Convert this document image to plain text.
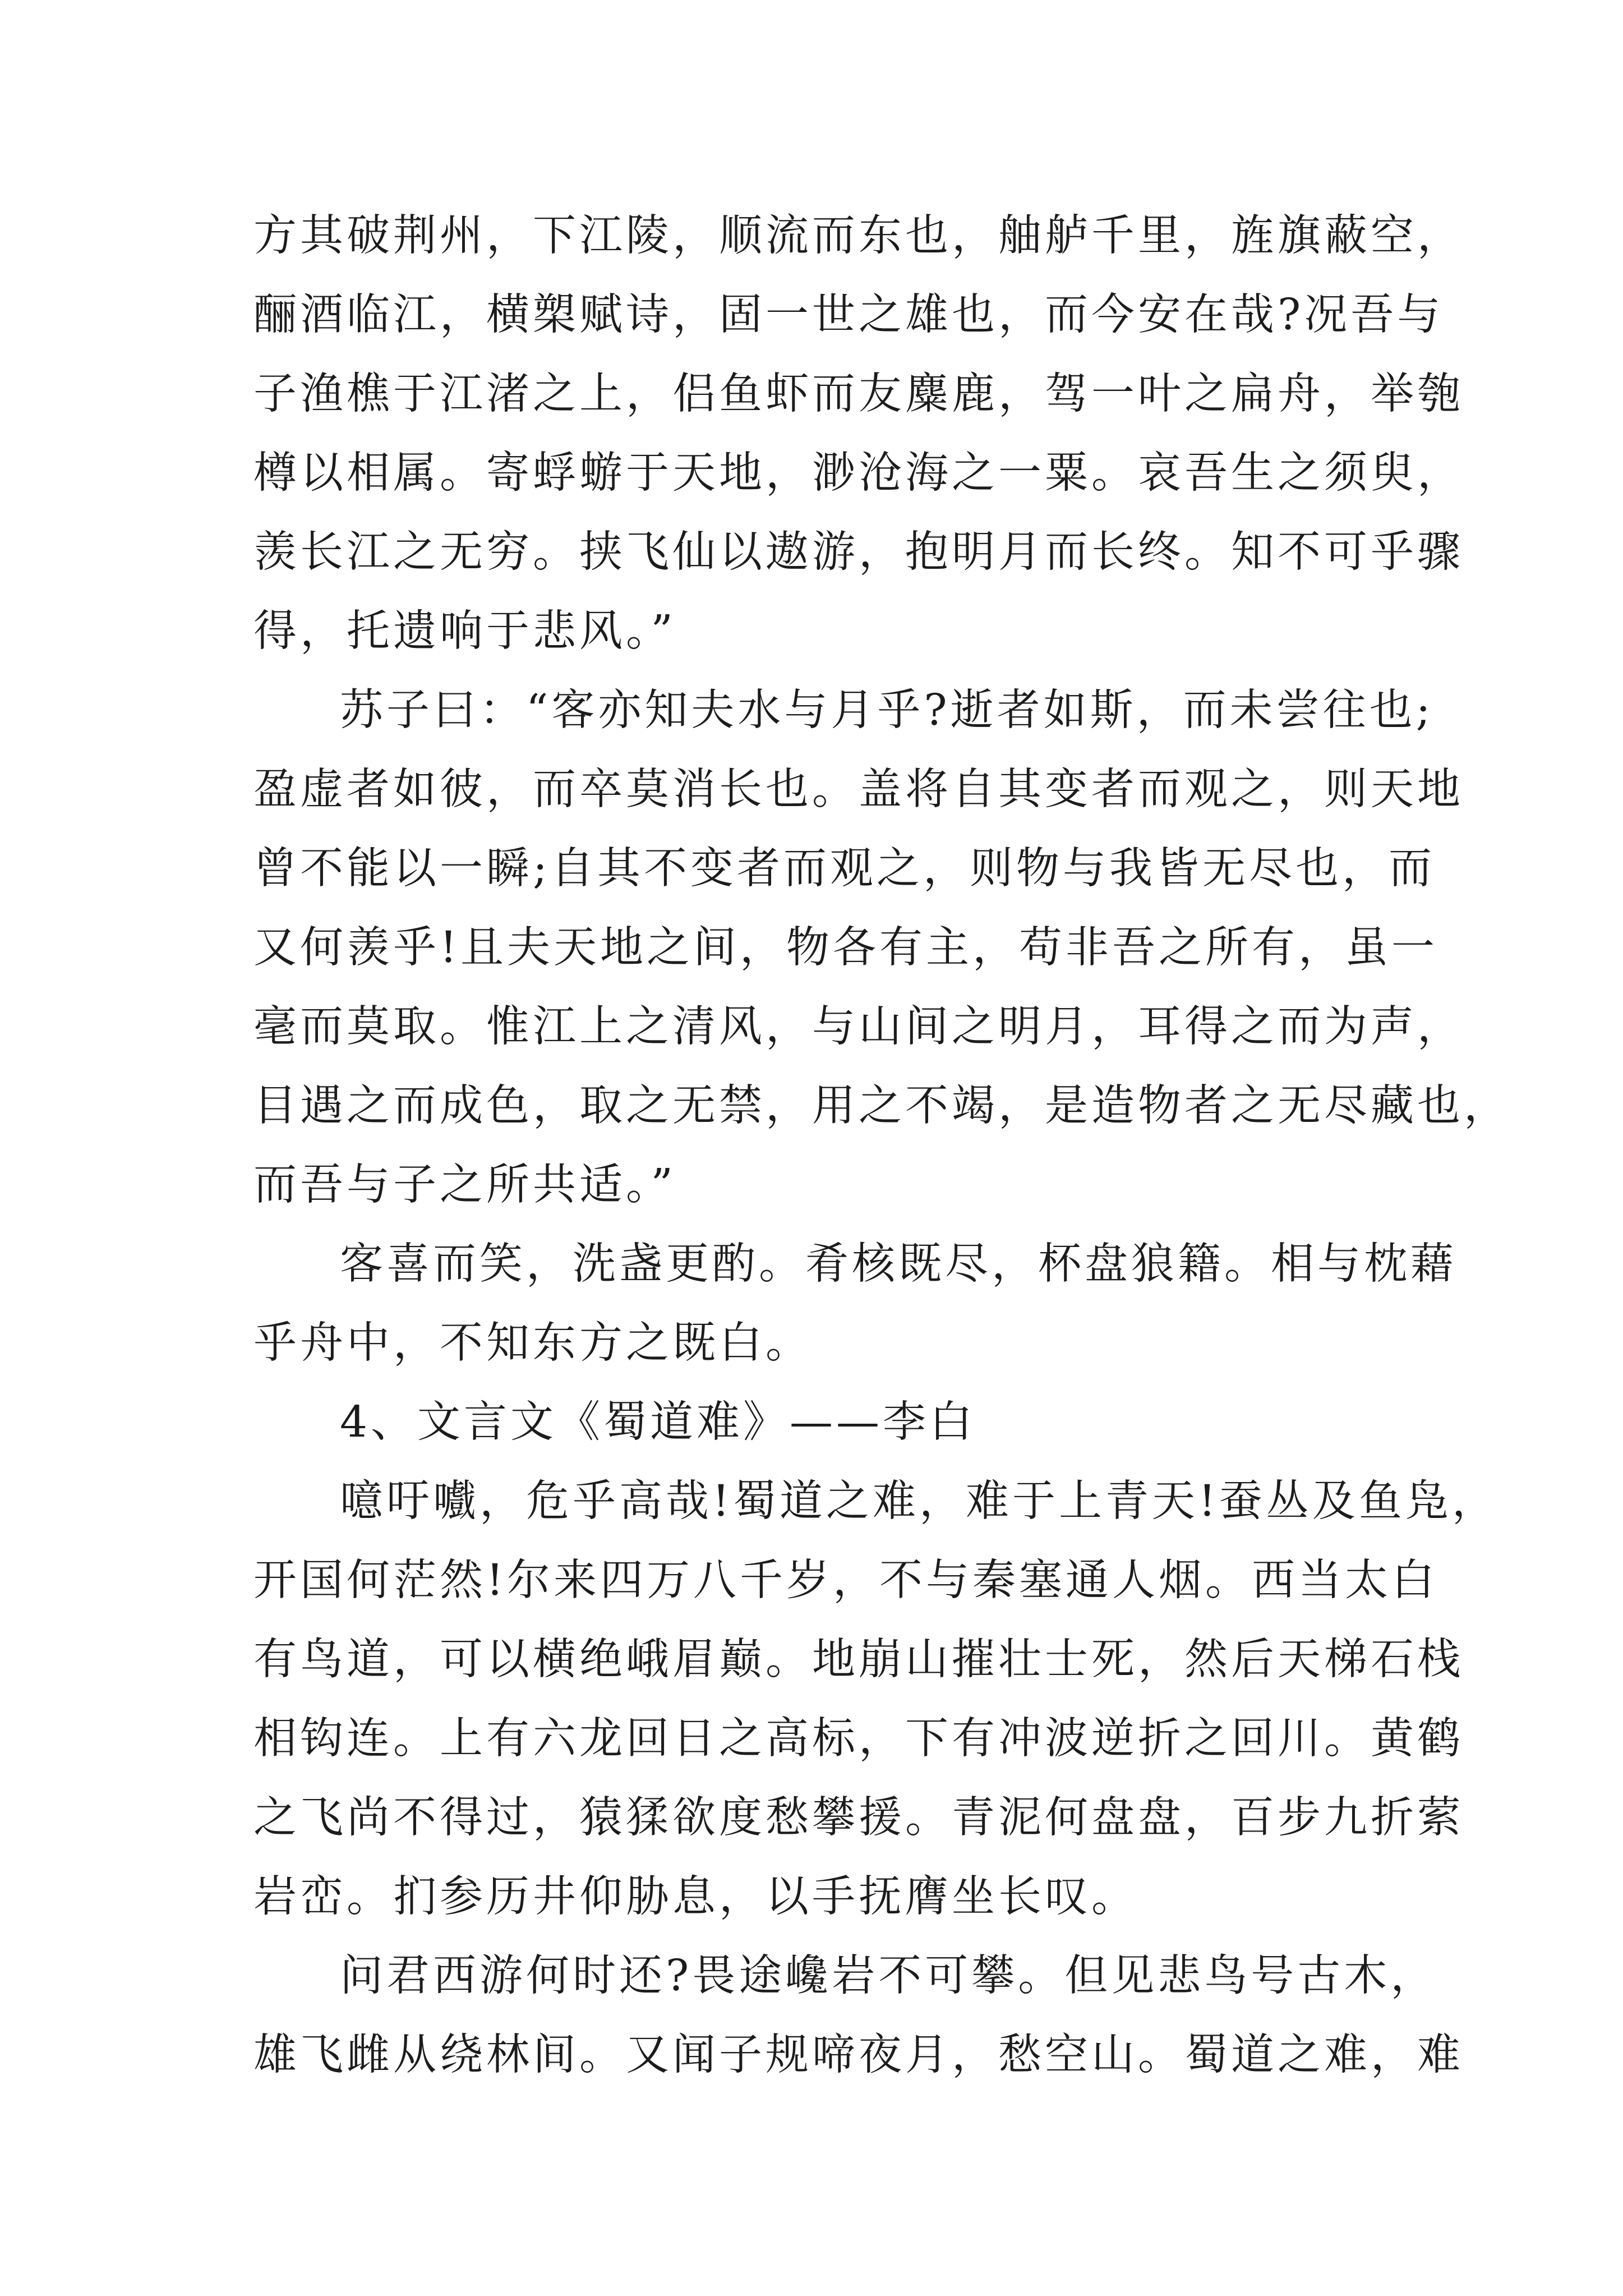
方其破荆州，下江陵，顺流而东也，舳舻千里，旌旗蔽空，
酾酒临江，横槊赋诗，固一世之雄也，而今安在哉?况吾与
子渔樵于江渚之上，侣鱼虾而友麋鹿，驾一叶之扁舟，举匏
樽以相属。寄蜉蝣于天地，渺沧海之一粟。哀吾生之须臾，
羡长江之无穷。挟飞仙以遨游，抱明月而长终。知不可乎骤
得，托遗响于悲风。”
苏子曰：“客亦知夫水与月乎?逝者如斯，而未尝往也;
盈虚者如彼，而卒莫消长也。盖将自其变者而观之，则天地
曾不能以一瞬;自其不变者而观之，则物与我皆无尽也，而
又何羡乎!且夫天地之间，物各有主，苟非吾之所有，虽一
毫而莫取。惟江上之清风，与山间之明月，耳得之而为声，
目遇之而成色，取之无禁，用之不竭，是造物者之无尽藏也，
而吾与子之所共适。”
客喜而笑，洗盏更酌。肴核既尽，杯盘狼籍。相与枕藉
乎舟中，不知东方之既白。
4、文言文《蜀道难》——李白
噫吁嚱，危乎高哉!蜀道之难，难于上青天!蚕丛及鱼凫，
开国何茫然!尔来四万八千岁，不与秦塞通人烟。西当太白
有鸟道，可以横绝峨眉巅。地崩山摧壮士死，然后天梯石栈
相钩连。上有六龙回日之高标，下有冲波逆折之回川。黄鹤
之飞尚不得过，猿猱欲度愁攀援。青泥何盘盘，百步九折萦
岩峦。扪参历井仰胁息，以手抚膺坐长叹。
问君西游何时还?畏途巉岩不可攀。但见悲鸟号古木，
雄飞雌从绕林间。又闻子规啼夜月，愁空山。蜀道之难，难
